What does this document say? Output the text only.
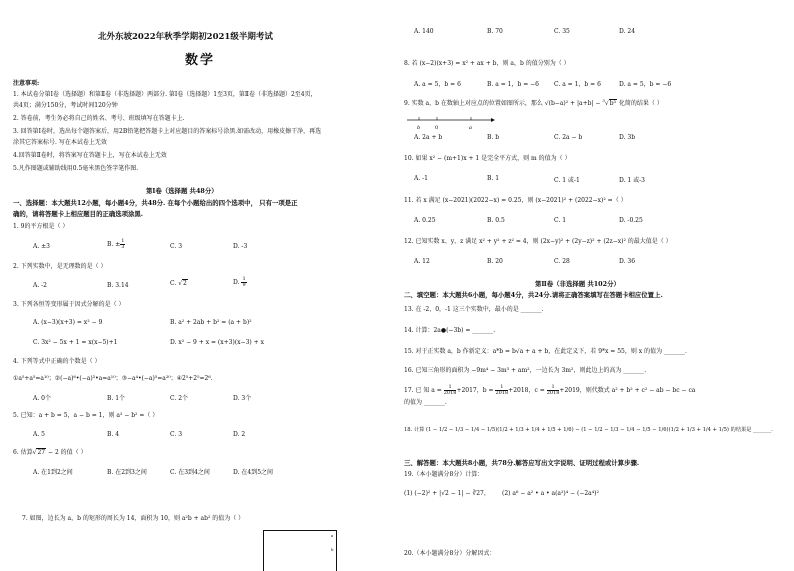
北外东坡2022年秋季学期初2021级半期考试
数学
注意事项:
1. 本试卷分第Ⅰ卷（选择题）和第Ⅱ卷（非选择题）两部分. 第Ⅰ卷（选择题）1至3页，第Ⅱ卷（非选择题）2至4页，
共4页；满分150分，考试时间120分钟
2. 答卷前，考生务必将自己的姓名、考号、班级填写在答题卡上.
3. 回答第Ⅰ卷时，选出每个题答案后，用2B铅笔把答题卡上对应题目的答案标号涂黑.如需改动，用橡皮擦干净，再选
涂其它答案标号. 写在本试卷上无效
4.回答第Ⅱ卷时，将答案写在答题卡上，写在本试卷上无效
5.凡作图题或辅助线用0.5毫米黑色签字笔作图.
第Ⅰ卷（选择题 共48分）
一、选择题：本大题共12小题，每小题4分，共48分. 在每个小题给出的四个选项中， 只有一项是正
确的，请将答题卡上相应题目的正确选项涂黑.
1. 9的平方根是（ ）
A. ±3	B. ± $\frac{1}{3}$	C. 3	D. -3
2. 下列实数中，是无理数的是（ ）
A. -2	B. 3.14	C. √2	D. $\frac{1}{9}$
3. 下列各恒等变形属于因式分解的是（ ）
A. (x−3)(x+3) = x² − 9	B. a² + 2ab + b² = (a + b)²
C. 3x² − 5x + 1 = x(x−5)+1	D. x² − 9 + x = (x+3)(x−3) + x
4. 下列等式中正确的个数是（ ）
①a⁵+a⁵=a¹⁰；②(−a)⁶•(−a)³•a=a¹⁰；③−a⁴•(−a)⁵=a²⁰；④2⁵+2⁵=2⁶.
A. 0个	B. 1个	C. 2个	D. 3个
5. 已知：a + b = 5，a − b = 1，则 a² − b² =（ ）
A. 5	B. 4	C. 3	D. 2
6. 估算√27 − 2 的值（ ）
A. 在1到2之间	B. 在2到3之间	C. 在3到4之间	D. 在4到5之间
7. 如图，边长为 a，b 的矩形的周长为 14，面积为 10，则 a²b + ab² 的值为（ ）
a
b
A. 140	B. 70	C. 35	D. 24
8. 若 (x−2)(x+3) = x² + ax + b，则 a，b 的值分别为（ ）
A. a = 5，b = 6	B. a = 1，b = −6	C. a = 1，b = 6	D. a = 5，b = −6
9. 实数 a，b 在数轴上对应点的位置如图所示，那么 √(b−a)² + |a+b| − $^3$√b³ 化简的结果（ ）
b	0	a
A. 2a + b	B. b	C. 2a − b	D. 3b
10. 如果 x² − (m+1)x + 1 是完全平方式，则 m 的值为（ ）
A. -1	B. 1	C. 1 或-1	D. 1 或-3
11. 若 x 满足 (x−2021)(2022−x) = 0.25，则 (x−2021)² + (2022−x)² =（ ）
A. 0.25	B. 0.5	C. 1	D. -0.25
12. 已知实数 x、y、z 满足 x² + y² + z² = 4，则 (2x−y)² + (2y−z)² + (2z−x)² 的最大值是（ ）
A. 12	B. 20	C. 28	D. 36
第Ⅱ卷（非选择题 共102分）
二、填空题：本大题共6小题，每小题4分，共24分.请将正确答案填写在答题卡相应位置上.
13. 在 -2，0，-1 这三个实数中，最小的是 _______.
14. 计算：2a●(−3b) = _______.
15. 对于正实数 a，b 作新定义：a*b = b√a + a + b，在此定义下，若 9*x = 55，则 x 的值为 _______.
16. 已知三角形的面积为 −9m⁴ − 3m³ + am²，一边长为 3m²，则此边上的高为 _______.
17. 已 知 $a = \frac{1}{2018} +2017$，$b = \frac{1}{2018} +2018$，$c = \frac{1}{2018} +2019$，则代数式 a² + b² + c² − ab − bc − ca
的值为 _______.
18. 计算 (1 − 1/2 − 1/3 − 1/4 − 1/5)(1/2 + 1/3 + 1/4 + 1/5 + 1/6) − (1 − 1/2 − 1/3 − 1/4 − 1/5 − 1/6)(1/2 + 1/3 + 1/4 + 1/5) 的结果是 _______.
三、解答题：本大题共8小题，共78分.解答应写出文字说明、证明过程或计算步骤.
19.（本小题满分8分）计算：
(1) (−2)² + |√2 − 1| − ∛27， (2) a⁶ − a² • a • a(a²)⁴ − (−2a⁴)²
20.（本小题满分8分）分解因式：
